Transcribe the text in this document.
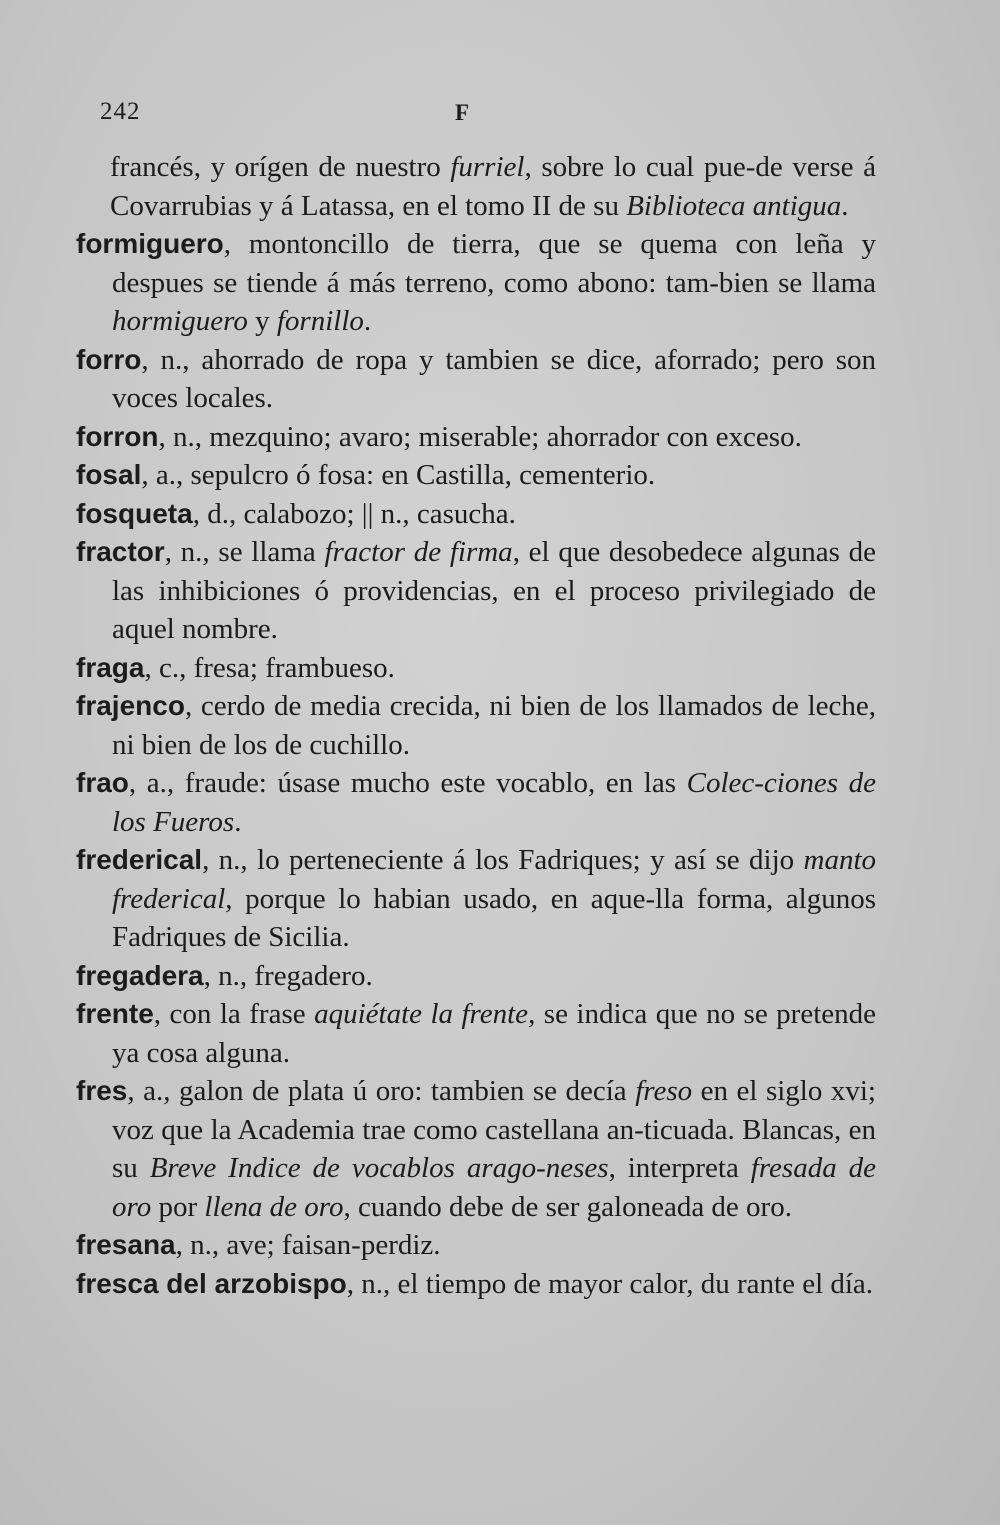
242	F

francés, y orígen de nuestro furriel, sobre lo cual pue-de verse á Covarrubias y á Latassa, en el tomo II de su Biblioteca antigua.

formiguero, montoncillo de tierra, que se quema con leña y despues se tiende á más terreno, como abono: tam-bien se llama hormiguero y fornillo.

forro, n., ahorrado de ropa y tambien se dice, aforrado; pero son voces locales.

forron, n., mezquino; avaro; miserable; ahorrador con exceso.

fosal, a., sepulcro ó fosa: en Castilla, cementerio.

fosqueta, d., calabozo; || n., casucha.

fractor, n., se llama fractor de firma, el que desobedece algunas de las inhibiciones ó providencias, en el proceso privilegiado de aquel nombre.

fraga, c., fresa; frambueso.

frajenco, cerdo de media crecida, ni bien de los llamados de leche, ni bien de los de cuchillo.

frao, a., fraude: úsase mucho este vocablo, en las Colec-ciones de los Fueros.

frederical, n., lo perteneciente á los Fadriques; y así se dijo manto frederical, porque lo habian usado, en aque-lla forma, algunos Fadriques de Sicilia.

fregadera, n., fregadero.

frente, con la frase aquiétate la frente, se indica que no se pretende ya cosa alguna.

fres, a., galon de plata ú oro: tambien se decía freso en el siglo xvi; voz que la Academia trae como castellana an-ticuada. Blancas, en su Breve Indice de vocablos arago-neses, interpreta fresada de oro por llena de oro, cuando debe de ser galoneada de oro.

fresana, n., ave; faisan-perdiz.

fresca del arzobispo, n., el tiempo de mayor calor, du rante el día.
